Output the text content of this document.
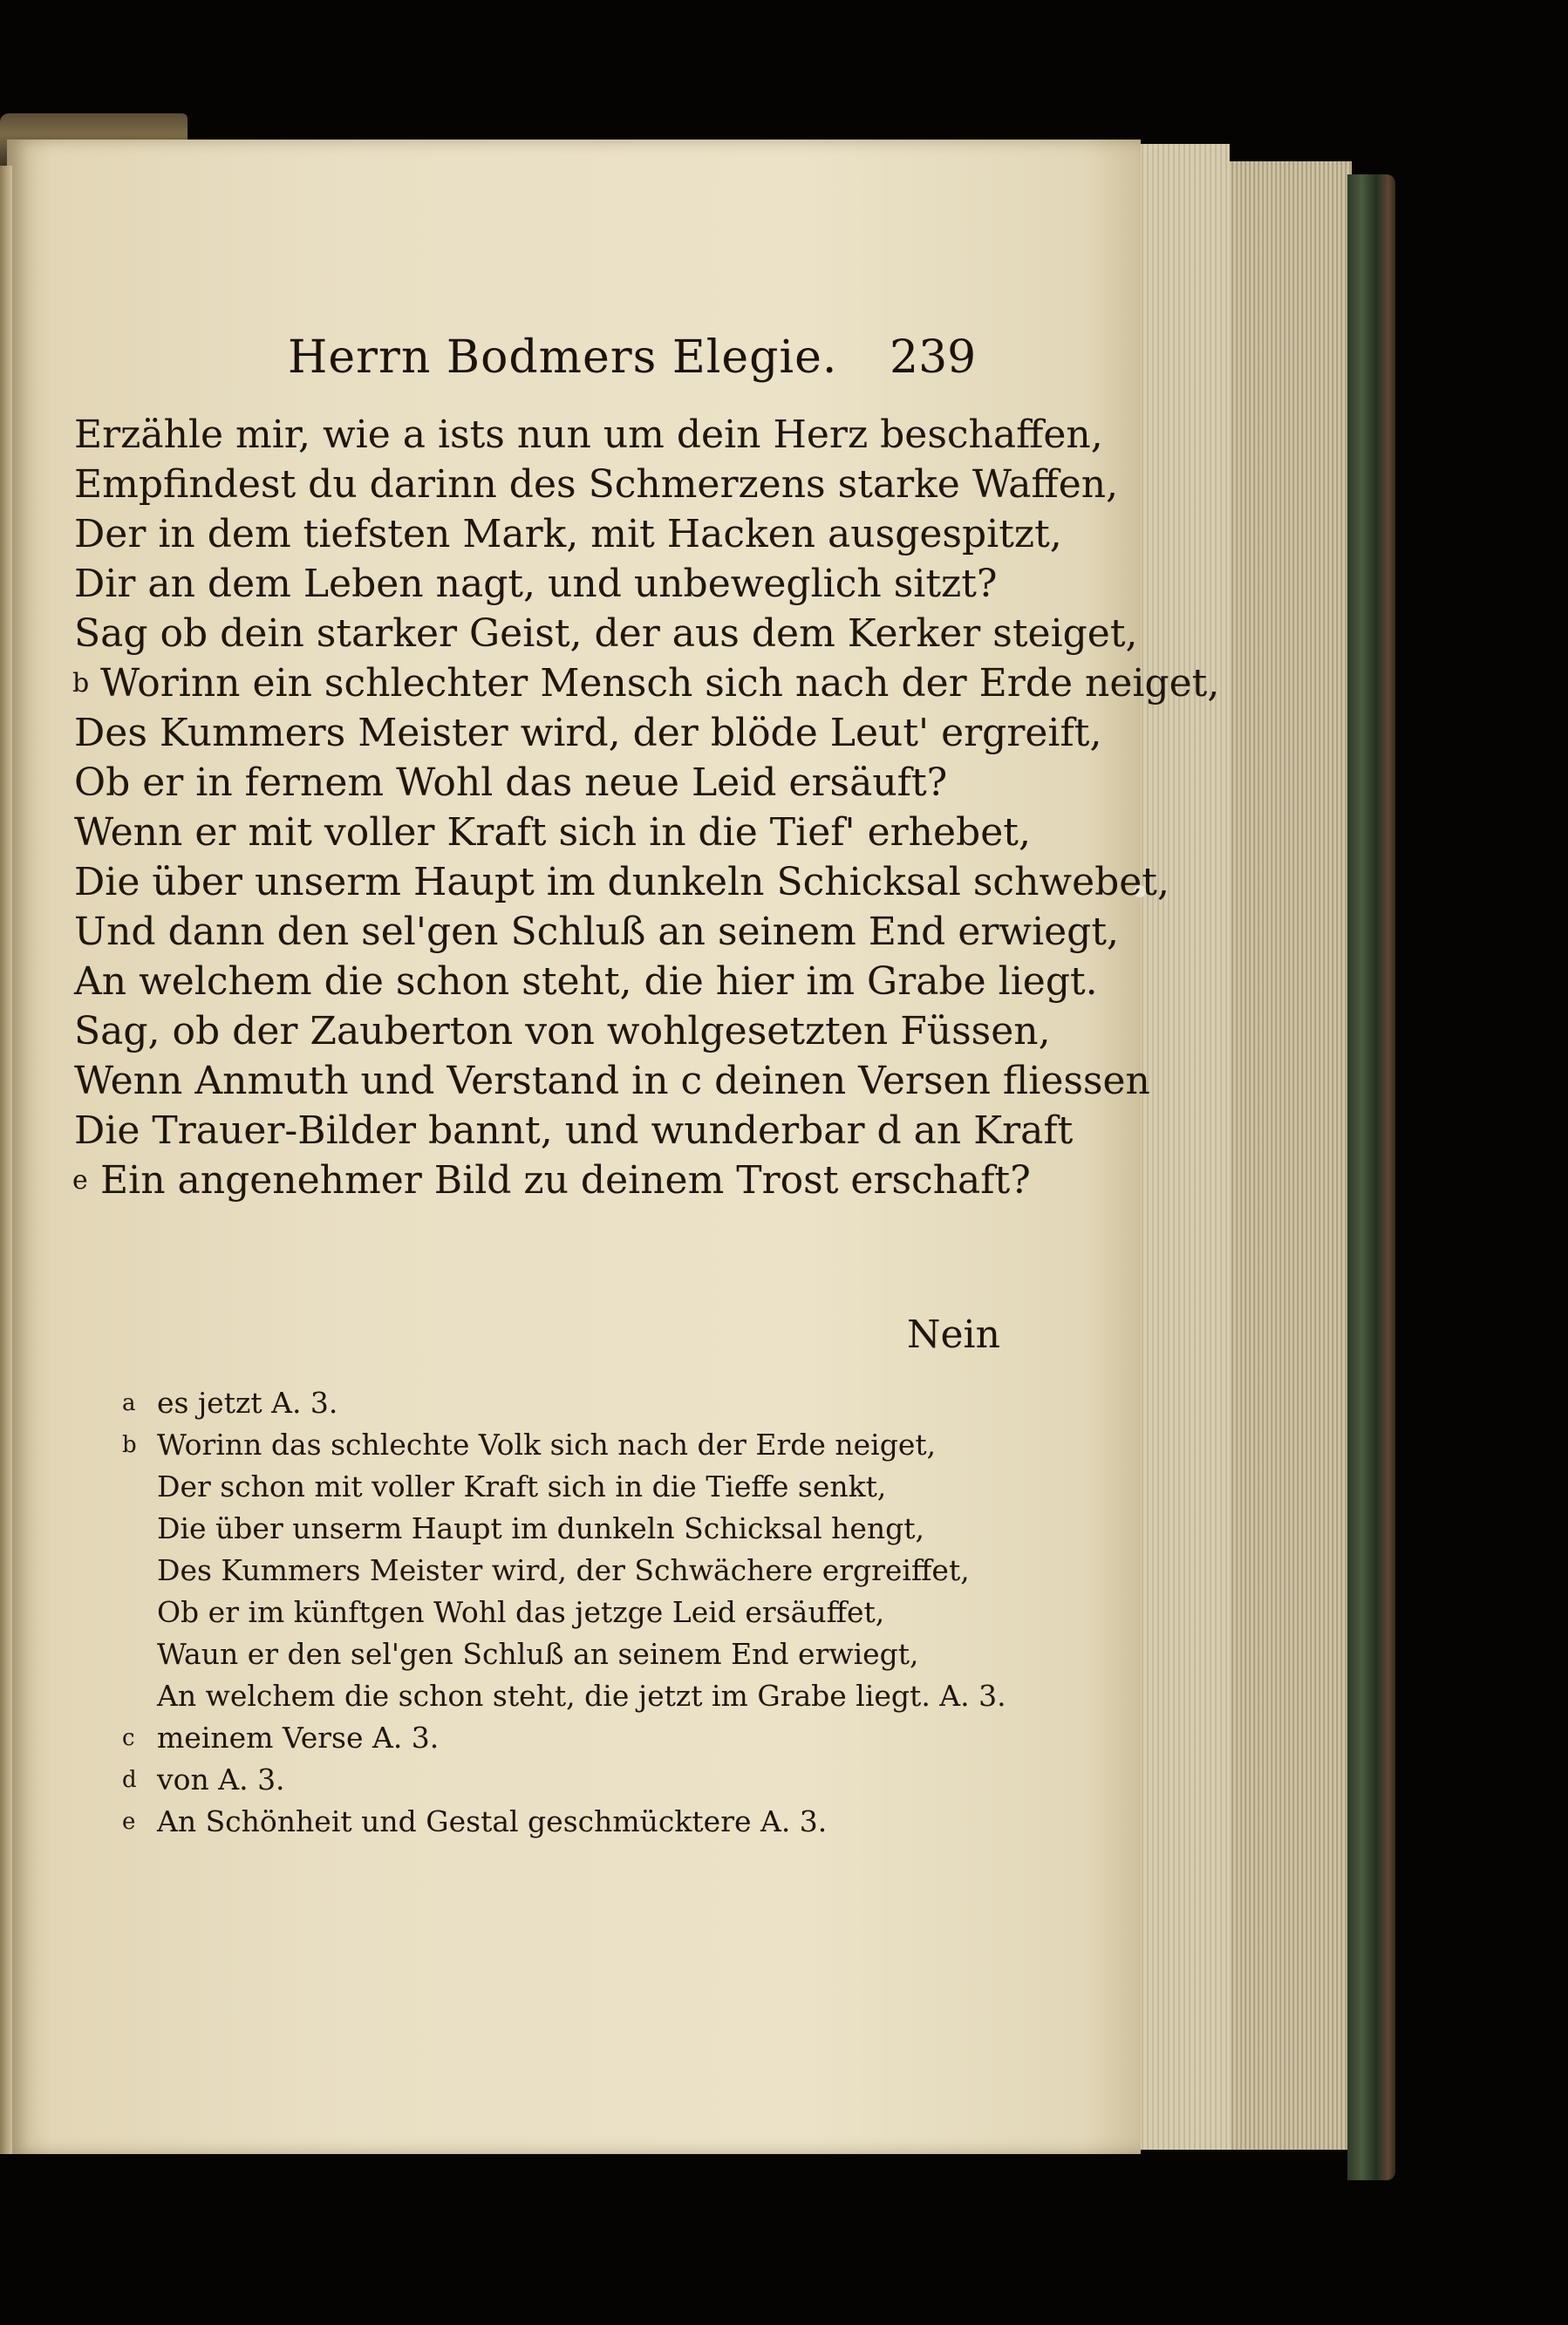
Herrn Bodmers Elegie. 239
Erzähle mir, wie a ists nun um dein Herz beschaffen,
Empfindest du darinn des Schmerzens starke Waffen,
Der in dem tiefsten Mark, mit Hacken ausgespitzt,
Dir an dem Leben nagt, und unbeweglich sitzt?
Sag ob dein starker Geist, der aus dem Kerker steiget,
b Worinn ein schlechter Mensch sich nach der Erde neiget,
Des Kummers Meister wird, der blöde Leut' ergreift,
Ob er in fernem Wohl das neue Leid ersäuft?
Wenn er mit voller Kraft sich in die Tief' erhebet,
Die über unserm Haupt im dunkeln Schicksal schwebet,
Und dann den sel'gen Schluß an seinem End erwiegt,
An welchem die schon steht, die hier im Grabe liegt.
Sag, ob der Zauberton von wohlgesetzten Füssen,
Wenn Anmuth und Verstand in c deinen Versen fliessen
Die Trauer-Bilder bannt, und wunderbar d an Kraft
e Ein angenehmer Bild zu deinem Trost erschaft?
Nein
a es jetzt A. 3.
b Worinn das schlechte Volk sich nach der Erde neiget,
Der schon mit voller Kraft sich in die Tieffe senkt,
Die über unserm Haupt im dunkeln Schicksal hengt,
Des Kummers Meister wird, der Schwächere ergreiffet,
Ob er im künftgen Wohl das jetzge Leid ersäuffet,
Waun er den sel'gen Schluß an seinem End erwiegt,
An welchem die schon steht, die jetzt im Grabe liegt. A. 3.
c meinem Verse A. 3.
d von A. 3.
e An Schönheit und Gestal geschmücktere A. 3.
